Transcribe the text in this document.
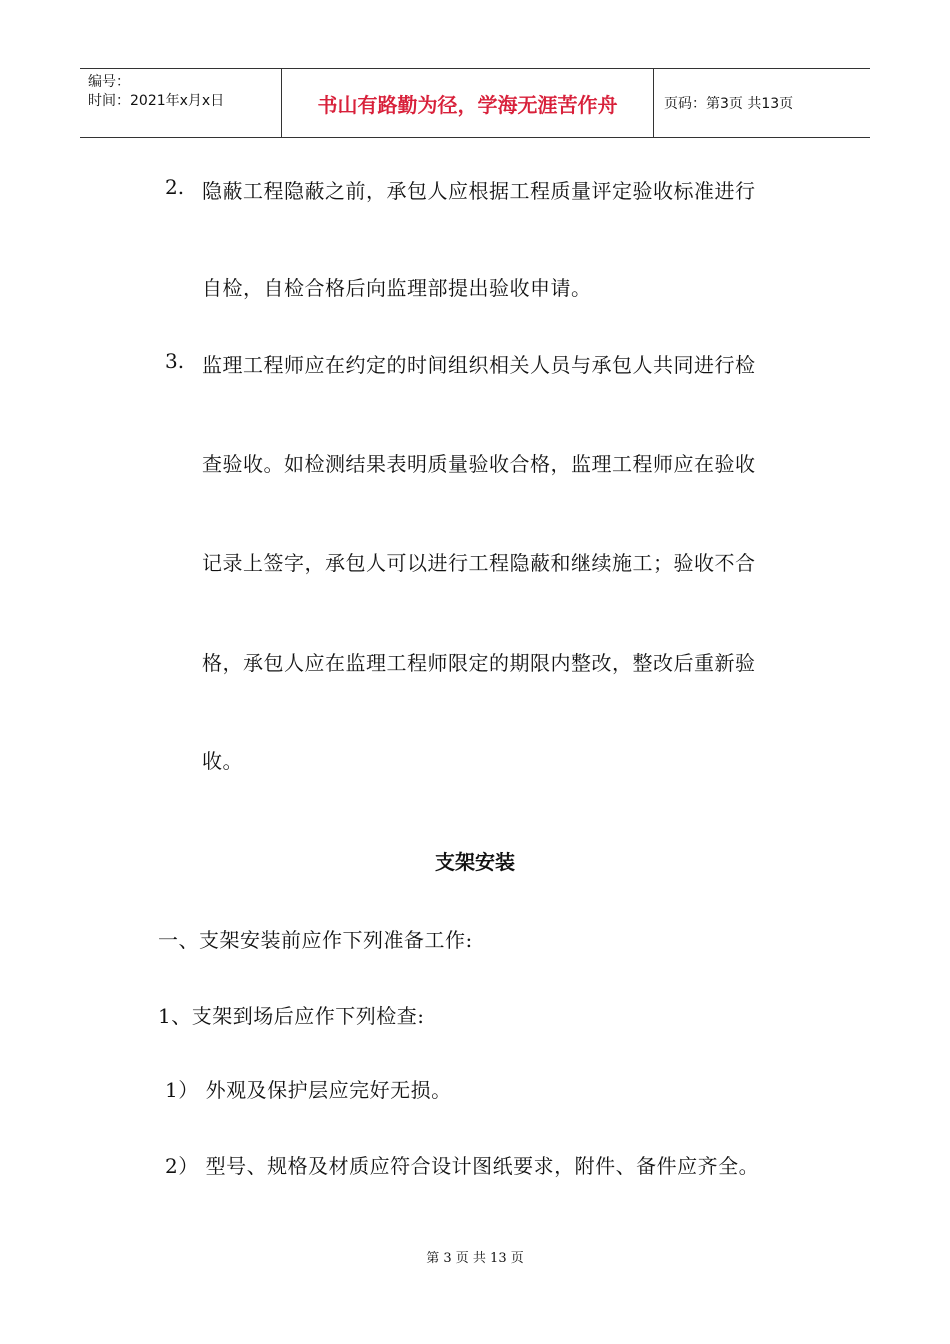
编号：
时间：2021年x月x日	书山有路勤为径，学海无涯苦作舟	页码：第3页 共13页
2. 隐蔽工程隐蔽之前，承包人应根据工程质量评定验收标准进行
自检，自检合格后向监理部提出验收申请。
3. 监理工程师应在约定的时间组织相关人员与承包人共同进行检
查验收。如检测结果表明质量验收合格，监理工程师应在验收
记录上签字，承包人可以进行工程隐蔽和继续施工；验收不合
格，承包人应在监理工程师限定的期限内整改，整改后重新验
收。
支架安装
一、支架安装前应作下列准备工作:
1、支架到场后应作下列检查:
1） 外观及保护层应完好无损。
2） 型号、规格及材质应符合设计图纸要求，附件、备件应齐全。
第 3 页 共 13 页
